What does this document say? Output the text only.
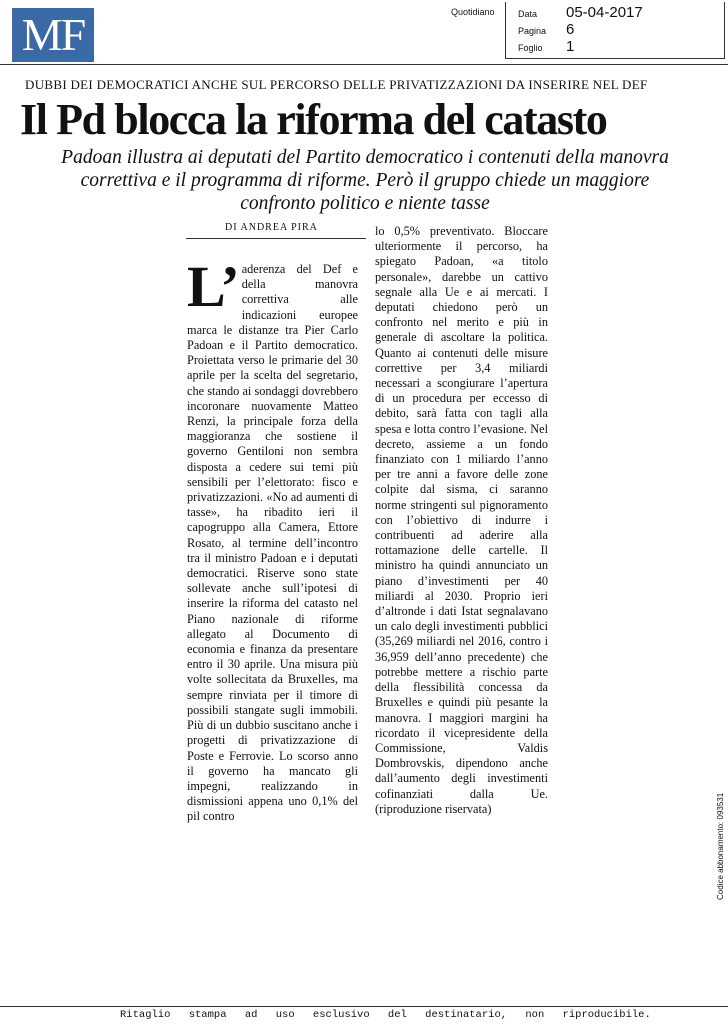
MF	Quotidiano	Data	05-04-2017
Pagina	6
Foglio	1
DUBBI DEI DEMOCRATICI ANCHE SUL PERCORSO DELLE PRIVATIZZAZIONI DA INSERIRE NEL DEF
Il Pd blocca la riforma del catasto
Padoan illustra ai deputati del Partito democratico i contenuti della manovra correttiva e il programma di riforme. Però il gruppo chiede un maggiore confronto politico e niente tasse
DI ANDREA PIRA
L’ aderenza del Def e della manovra correttiva alle indicazioni europee marca le distanze tra Pier Carlo Padoan e il Partito democratico. Proiettata verso le primarie del 30 aprile per la scelta del segretario, che stando ai sondaggi dovrebbero incoronare nuovamente Matteo Renzi, la principale forza della maggioranza che sostiene il governo Gentiloni non sembra disposta a cedere sui temi più sensibili per l’elettorato: fisco e privatizzazioni. «No ad aumenti di tasse», ha ribadito ieri il capogruppo alla Camera, Ettore Rosato, al termine dell’incontro tra il ministro Padoan e i deputati democratici. Riserve sono state sollevate anche sull’ipotesi di inserire la riforma del catasto nel Piano nazionale di riforme allegato al Documento di economia e finanza da presentare entro il 30 aprile. Una misura più volte sollecitata da Bruxelles, ma sempre rinviata per il timore di possibili stangate sugli immobili. Più di un dubbio suscitano anche i progetti di privatizzazione di Poste e Ferrovie. Lo scorso anno il governo ha mancato gli impegni, realizzando in dismissioni appena uno 0,1% del pil contro
lo 0,5% preventivato. Bloccare ulteriormente il percorso, ha spiegato Padoan, «a titolo personale», darebbe un cattivo segnale alla Ue e ai mercati. I deputati chiedono però un confronto nel merito e più in generale di ascoltare la politica. Quanto ai contenuti delle misure correttive per 3,4 miliardi necessari a scongiurare l’apertura di un procedura per eccesso di debito, sarà fatta con tagli alla spesa e lotta contro l’evasione. Nel decreto, assieme a un fondo finanziato con 1 miliardo l’anno per tre anni a favore delle zone colpite dal sisma, ci saranno norme stringenti sul pignoramento con l’obiettivo di indurre i contribuenti ad aderire alla rottamazione delle cartelle. Il ministro ha quindi annunciato un piano d’investimenti per 40 miliardi al 2030. Proprio ieri d’altronde i dati Istat segnalavano un calo degli investimenti pubblici (35,269 miliardi nel 2016, contro i 36,959 dell’anno precedente) che potrebbe mettere a rischio parte della flessibilità concessa da Bruxelles e quindi più pesante la manovra. I maggiori margini ha ricordato il vicepresidente della Commissione, Valdis Dombrovskis, dipendono anche dall’aumento degli investimenti cofinanziati dalla Ue. (riproduzione riservata)	Codice abbonamento: 093531
Ritaglio stampa ad uso esclusivo del destinatario, non riproducibile.
